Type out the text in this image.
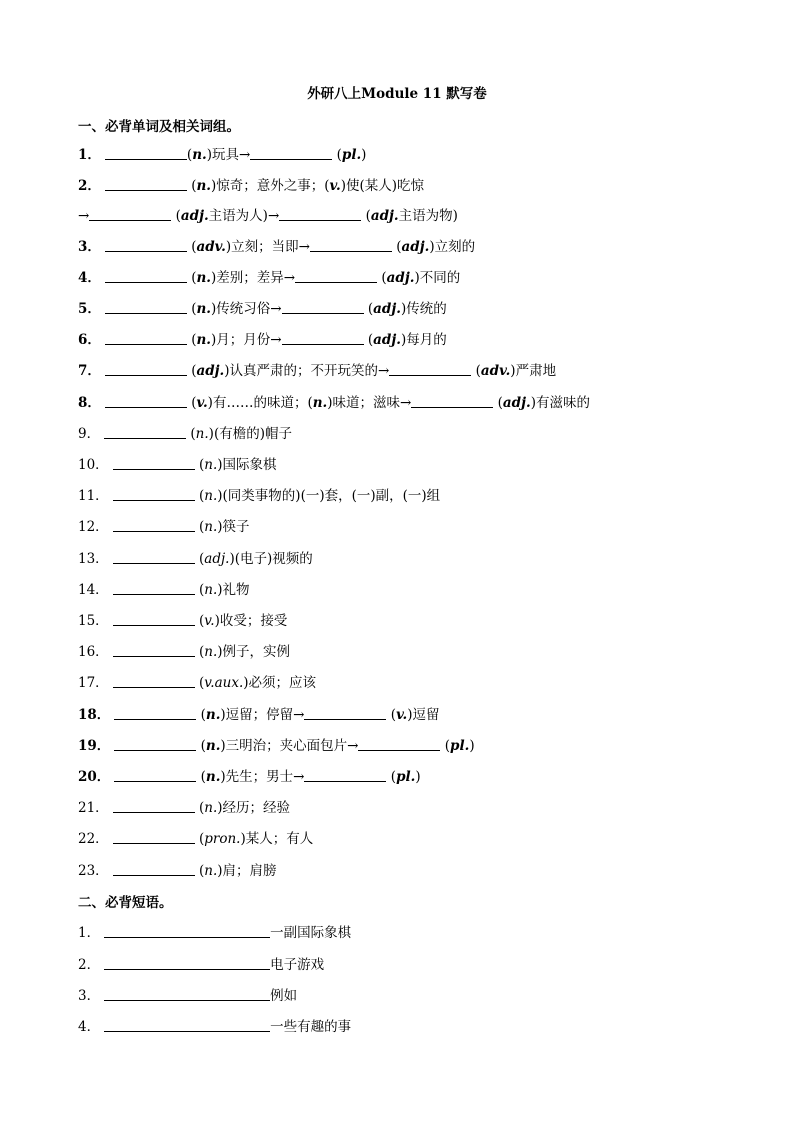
外研八上Module 11 默写卷
一、必背单词及相关词组。
1．	(n.)玩具→	(pl.)
2．	(n.)惊奇；意外之事；(v.)使(某人)吃惊
→	(adj.主语为人)→	(adj.主语为物)
3．	(adv.)立刻；当即→	(adj.)立刻的
4．	(n.)差别；差异→	(adj.)不同的
5．	(n.)传统习俗→	(adj.)传统的
6．	(n.)月；月份→	(adj.)每月的
7．	(adj.)认真严肃的；不开玩笑的→	(adv.)严肃地
8．	(v.)有……的味道；(n.)味道；滋味→	(adj.)有滋味的
9．	(n.)(有檐的)帽子
10．	(n.)国际象棋
11．	(n.)(同类事物的)(一)套，(一)副，(一)组
12．	(n.)筷子
13．	(adj.)(电子)视频的
14．	(n.)礼物
15．	(v.)收受；接受
16．	(n.)例子，实例
17．	(v.aux.)必须；应该
18．	(n.)逗留；停留→	(v.)逗留
19．	(n.)三明治；夹心面包片→	(pl.)
20．	(n.)先生；男士→	(pl.)
21．	(n.)经历；经验
22．	(pron.)某人；有人
23．	(n.)肩；肩膀
二、必背短语。
1．	一副国际象棋
2．	电子游戏
3．	例如
4．	一些有趣的事
